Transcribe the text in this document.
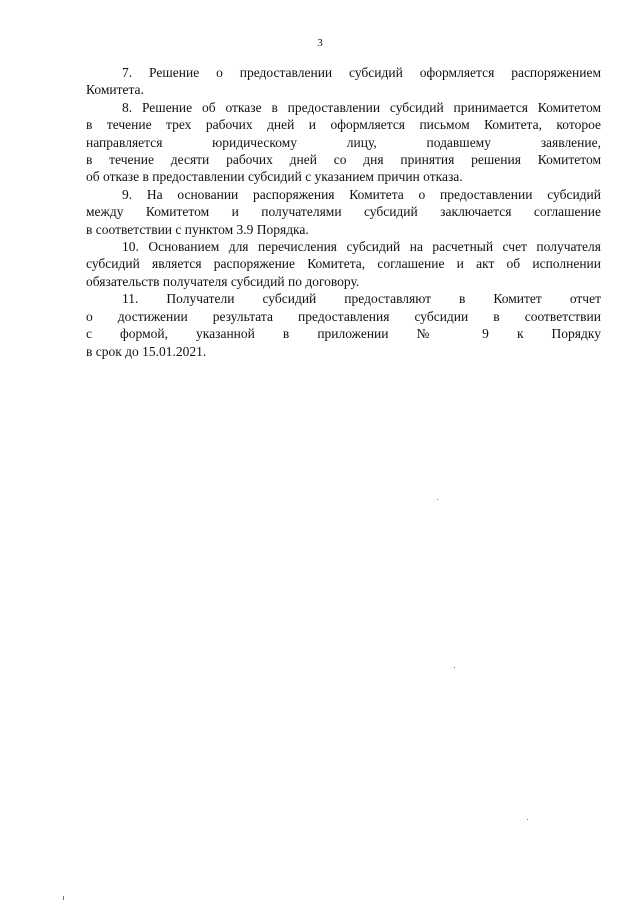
3

7. Решение о предоставлении субсидий оформляется распоряжением
Комитета.

8. Решение об отказе в предоставлении субсидий принимается Комитетом
в течение трех рабочих дней и оформляется письмом Комитета, которое
направляется юридическому лицу, подавшему заявление,
в течение десяти рабочих дней со дня принятия решения Комитетом
об отказе в предоставлении субсидий с указанием причин отказа.

9. На основании распоряжения Комитета о предоставлении субсидий
между Комитетом и получателями субсидий заключается соглашение
в соответствии с пунктом 3.9 Порядка.

10. Основанием для перечисления субсидий на расчетный счет получателя
субсидий является распоряжение Комитета, соглашение и акт об исполнении
обязательств получателя субсидий по договору.

11. Получатели субсидий предоставляют в Комитет отчет
о достижении результата предоставления субсидии в соответствии
с формой, указанной в приложении № 9 к Порядку
в срок до 15.01.2021.
